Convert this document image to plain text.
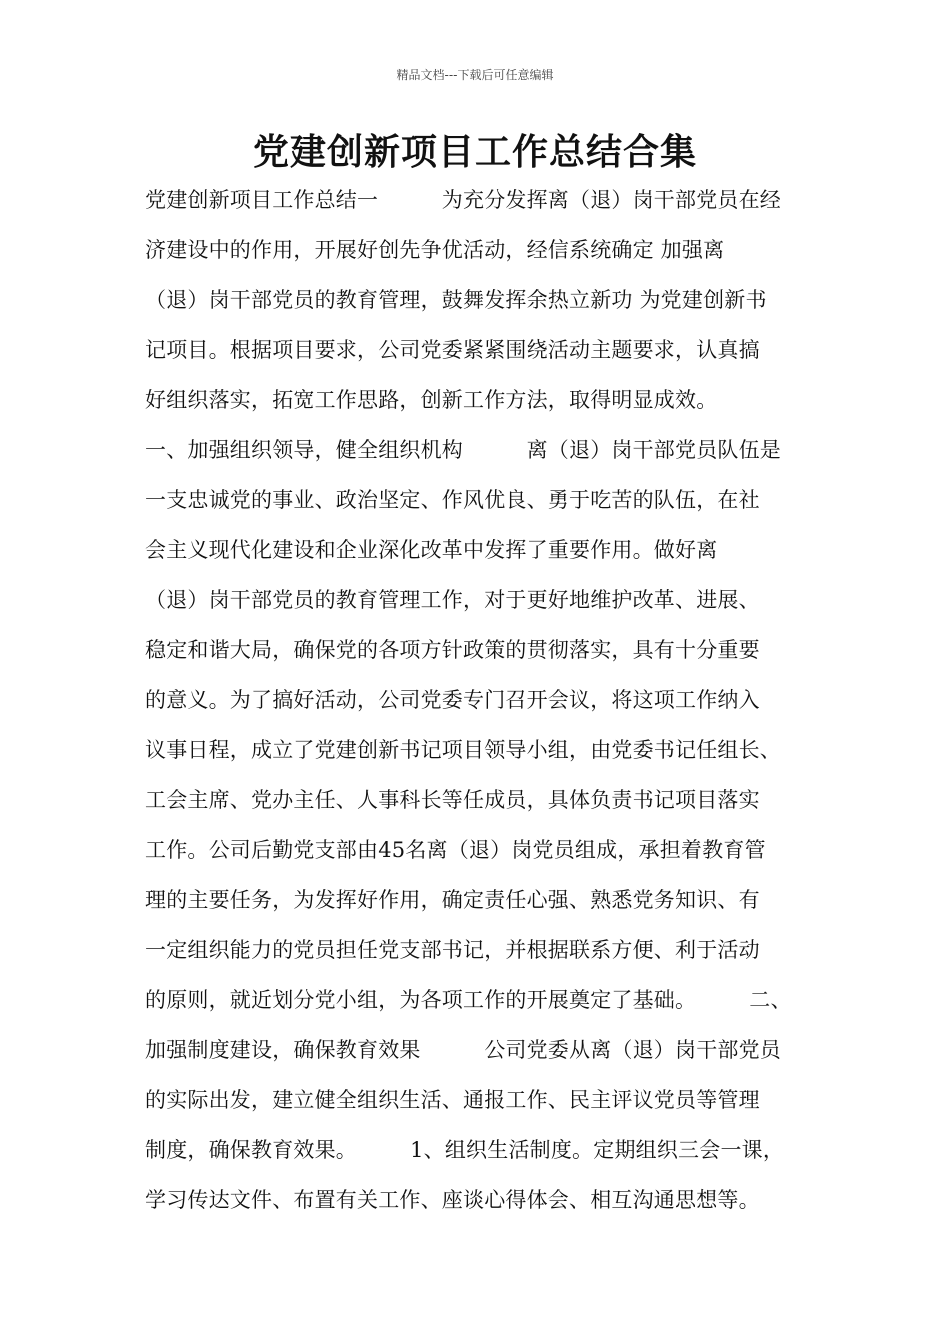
精品文档---下载后可任意编辑
党建创新项目工作总结合集
党建创新项目工作总结一　　　为充分发挥离（退）岗干部党员在经
济建设中的作用，开展好创先争优活动，经信系统确定 加强离
（退）岗干部党员的教育管理，鼓舞发挥余热立新功 为党建创新书
记项目。根据项目要求，公司党委紧紧围绕活动主题要求，认真搞
好组织落实，拓宽工作思路，创新工作方法，取得明显成效。
一、加强组织领导，健全组织机构　　　离（退）岗干部党员队伍是
一支忠诚党的事业、政治坚定、作风优良、勇于吃苦的队伍，在社
会主义现代化建设和企业深化改革中发挥了重要作用。做好离
（退）岗干部党员的教育管理工作，对于更好地维护改革、进展、
稳定和谐大局，确保党的各项方针政策的贯彻落实，具有十分重要
的意义。为了搞好活动，公司党委专门召开会议，将这项工作纳入
议事日程，成立了党建创新书记项目领导小组，由党委书记任组长、
工会主席、党办主任、人事科长等任成员，具体负责书记项目落实
工作。公司后勤党支部由45名离（退）岗党员组成，承担着教育管
理的主要任务，为发挥好作用，确定责任心强、熟悉党务知识、有
一定组织能力的党员担任党支部书记，并根据联系方便、利于活动
的原则，就近划分党小组，为各项工作的开展奠定了基础。　　　二、
加强制度建设，确保教育效果　　　公司党委从离（退）岗干部党员
的实际出发，建立健全组织生活、通报工作、民主评议党员等管理
制度，确保教育效果。　　　1、组织生活制度。定期组织三会一课，
学习传达文件、布置有关工作、座谈心得体会、相互沟通思想等。
